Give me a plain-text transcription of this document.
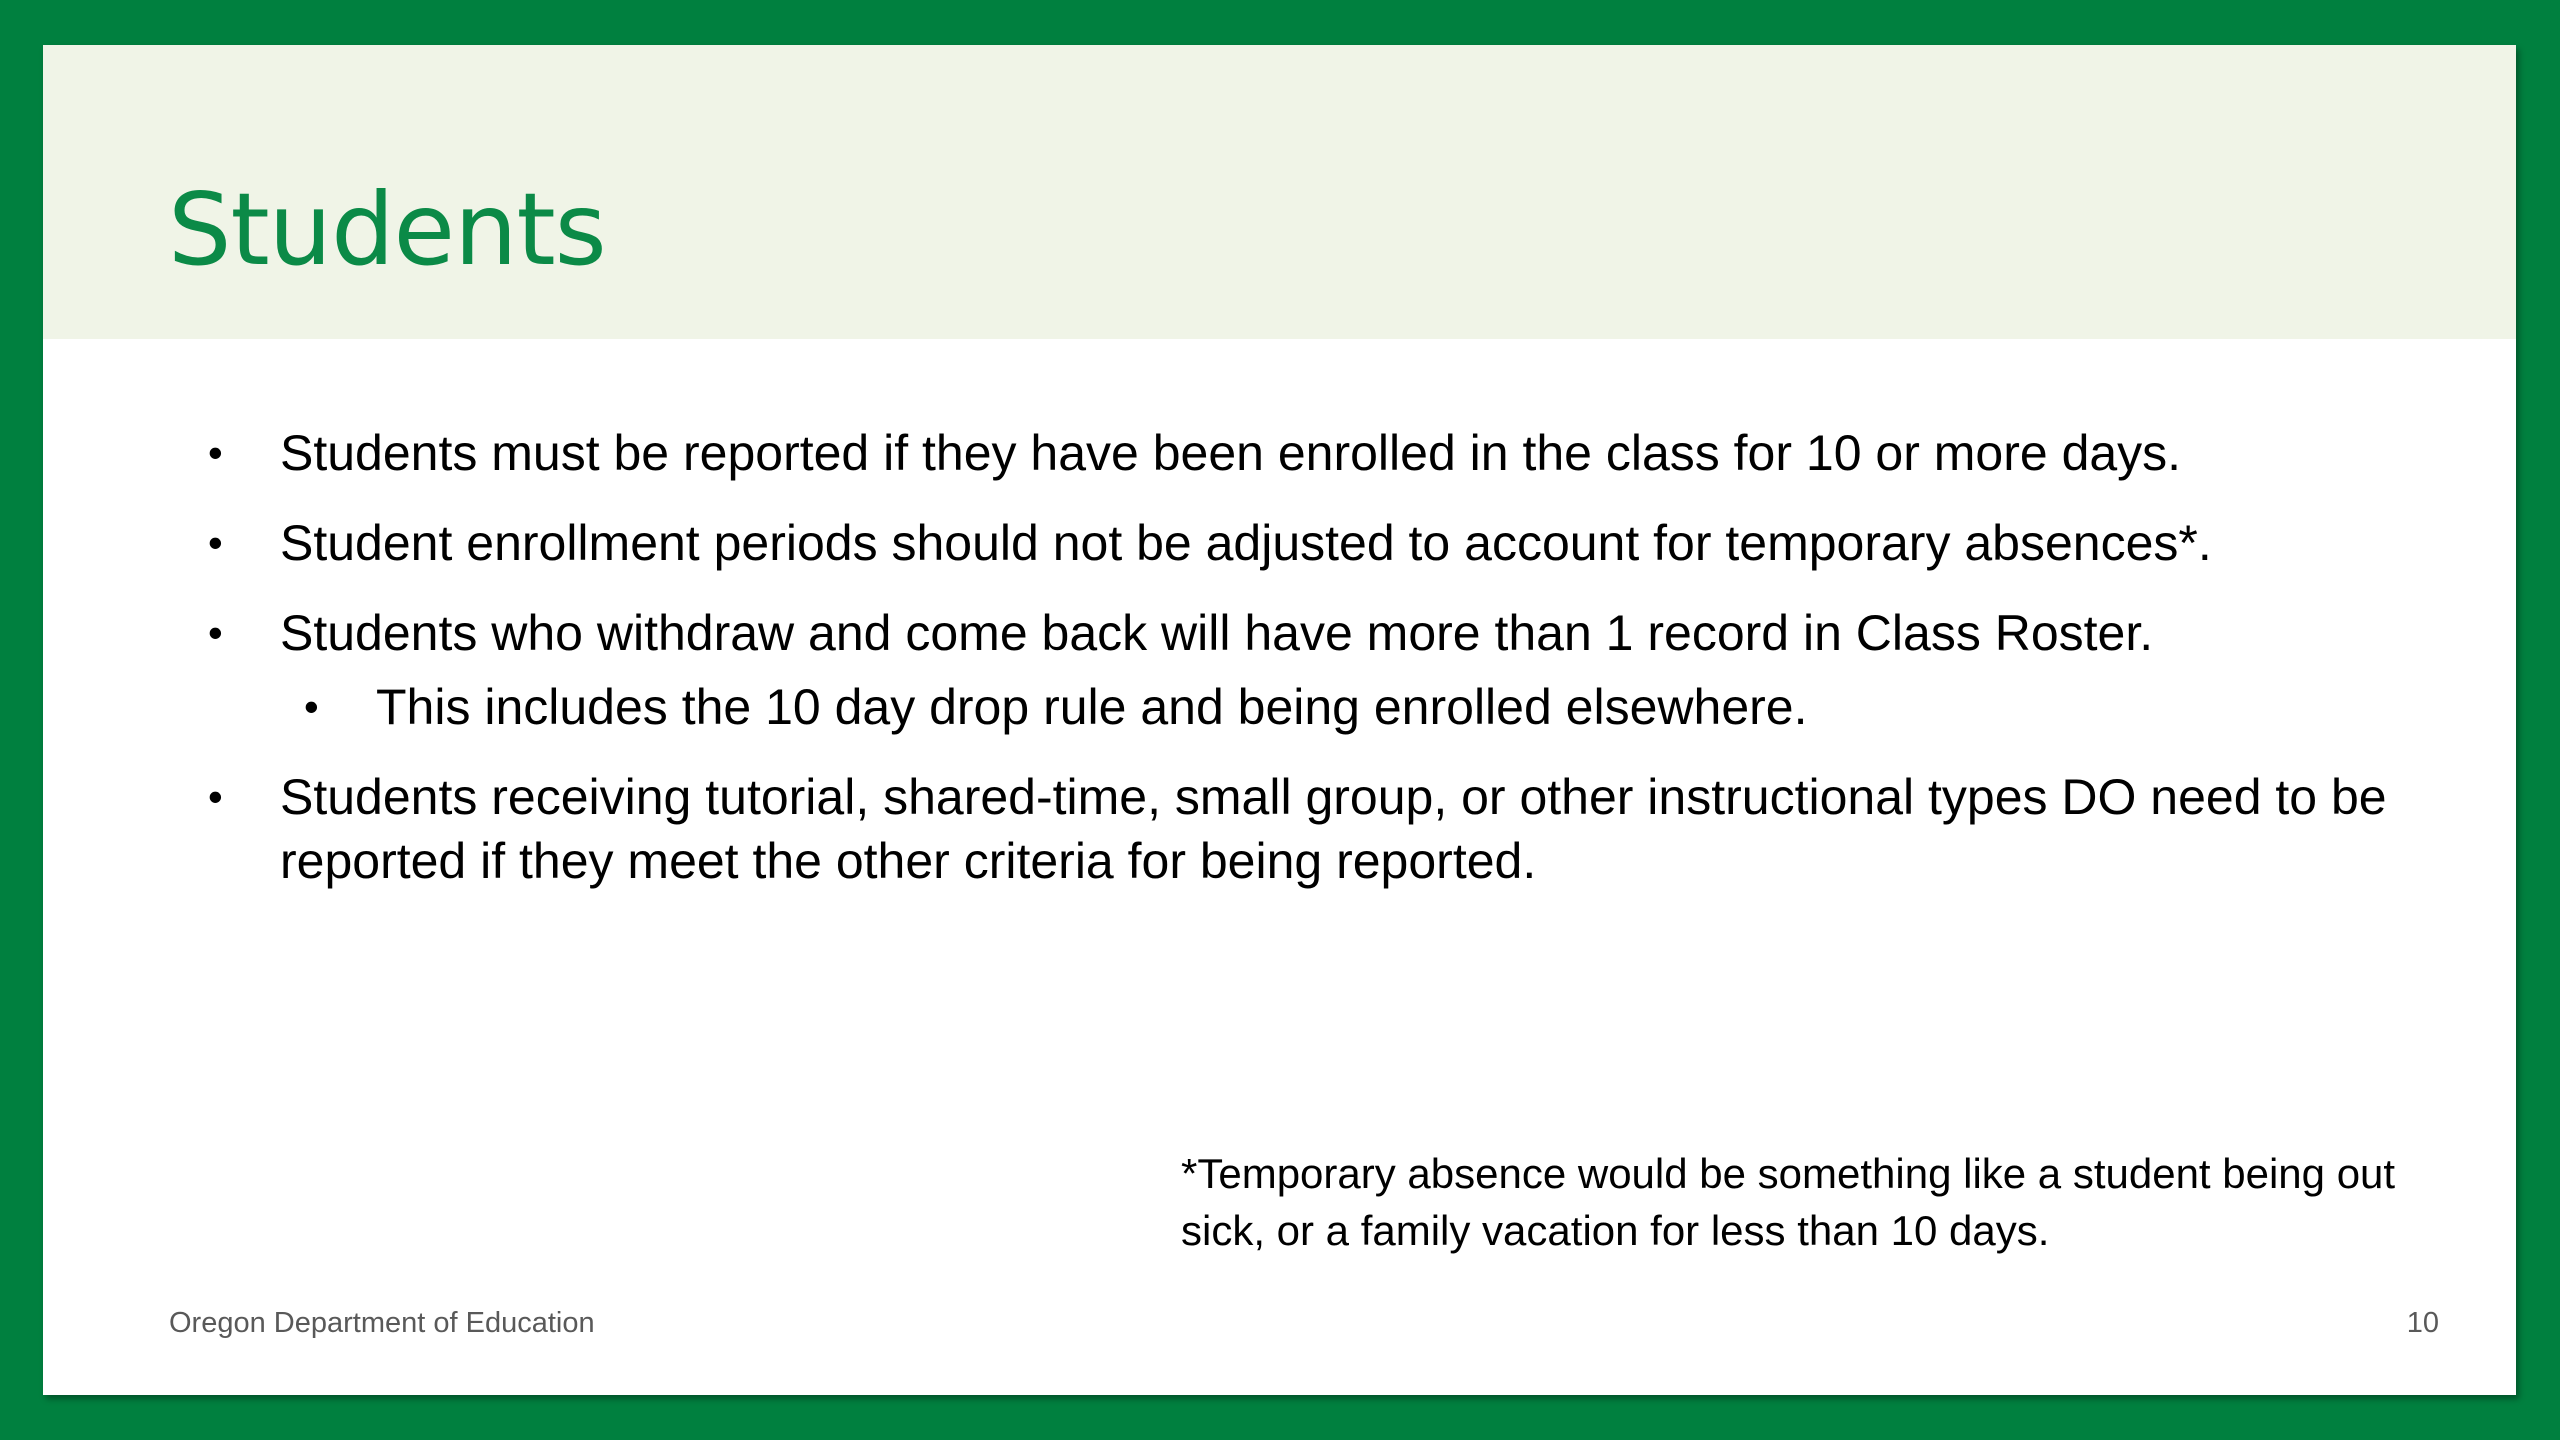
Students
• Students must be reported if they have been enrolled in the class for 10 or more days.
• Student enrollment periods should not be adjusted to account for temporary absences*.
• Students who withdraw and come back will have more than 1 record in Class Roster.
• This includes the 10 day drop rule and being enrolled elsewhere.
• Students receiving tutorial, shared-time, small group, or other instructional types DO need to be reported if they meet the other criteria for being reported.
*Temporary absence would be something like a student being out sick, or a family vacation for less than 10 days.
Oregon Department of Education	10
